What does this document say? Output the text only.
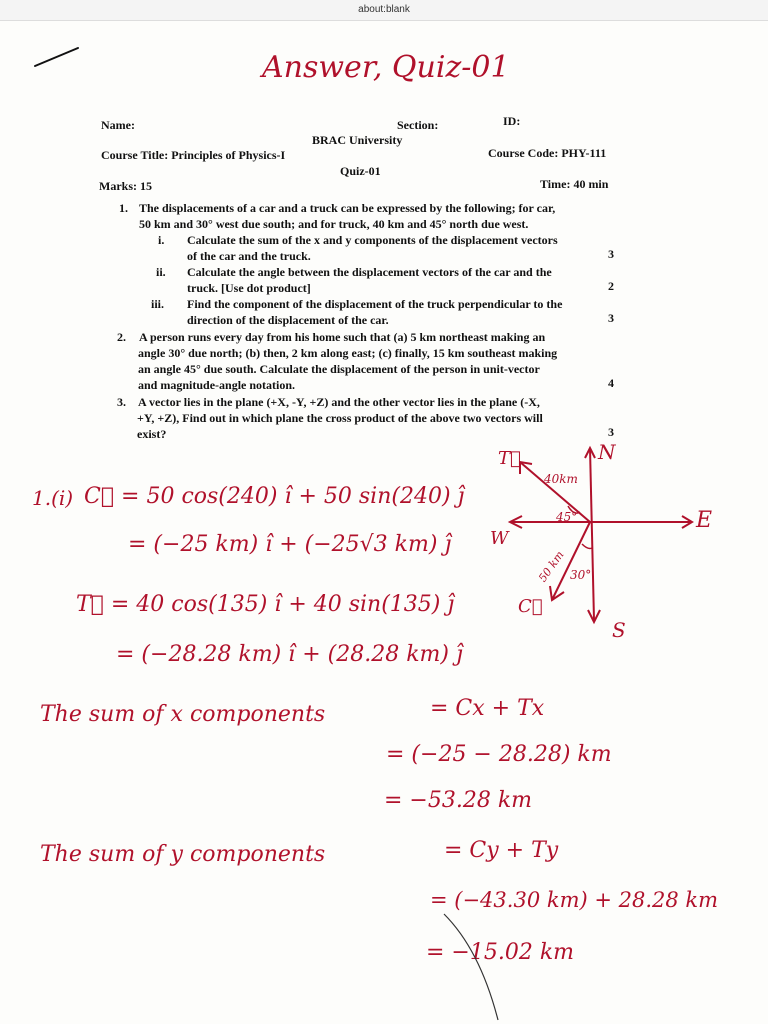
about:blank
Answer, Quiz-01
Name:	Section:	ID:
BRAC University
Course Title: Principles of Physics-I	Course Code: PHY-111
Quiz-01
Marks: 15	Time: 40 min
1. The displacements of a car and a truck can be expressed by the following; for car,
50 km and 30° west due south; and for truck, 40 km and 45° north due west.
i. Calculate the sum of the x and y components of the displacement vectors
of the car and the truck.	3
ii. Calculate the angle between the displacement vectors of the car and the
truck. [Use dot product]	2
iii. Find the component of the displacement of the truck perpendicular to the
direction of the displacement of the car.	3
2. A person runs every day from his home such that (a) 5 km northeast making an
angle 30° due north; (b) then, 2 km along east; (c) finally, 15 km southeast making
an angle 45° due south. Calculate the displacement of the person in unit-vector
and magnitude-angle notation.	4
3. A vector lies in the plane (+X, -Y, +Z) and the other vector lies in the plane (-X,
+Y, +Z), Find out in which plane the cross product of the above two vectors will
exist?	3
1.(i) C⃗ = 50 cos(240) î + 50 sin(240) ĵ
= (−25 km) î + (−25√3 km) ĵ
T⃗ = 40 cos(135) î + 40 sin(135) ĵ
= (−28.28 km) î + (28.28 km) ĵ
The sum of x components	= Cx + Tx
= (−25 − 28.28) km
= −53.28 km
The sum of y components	= Cy + Ty
= (−43.30 km) + 28.28 km
= −15.02 km
N
E
W
S
T⃗
C⃗
40km
50 km
45°
30°
